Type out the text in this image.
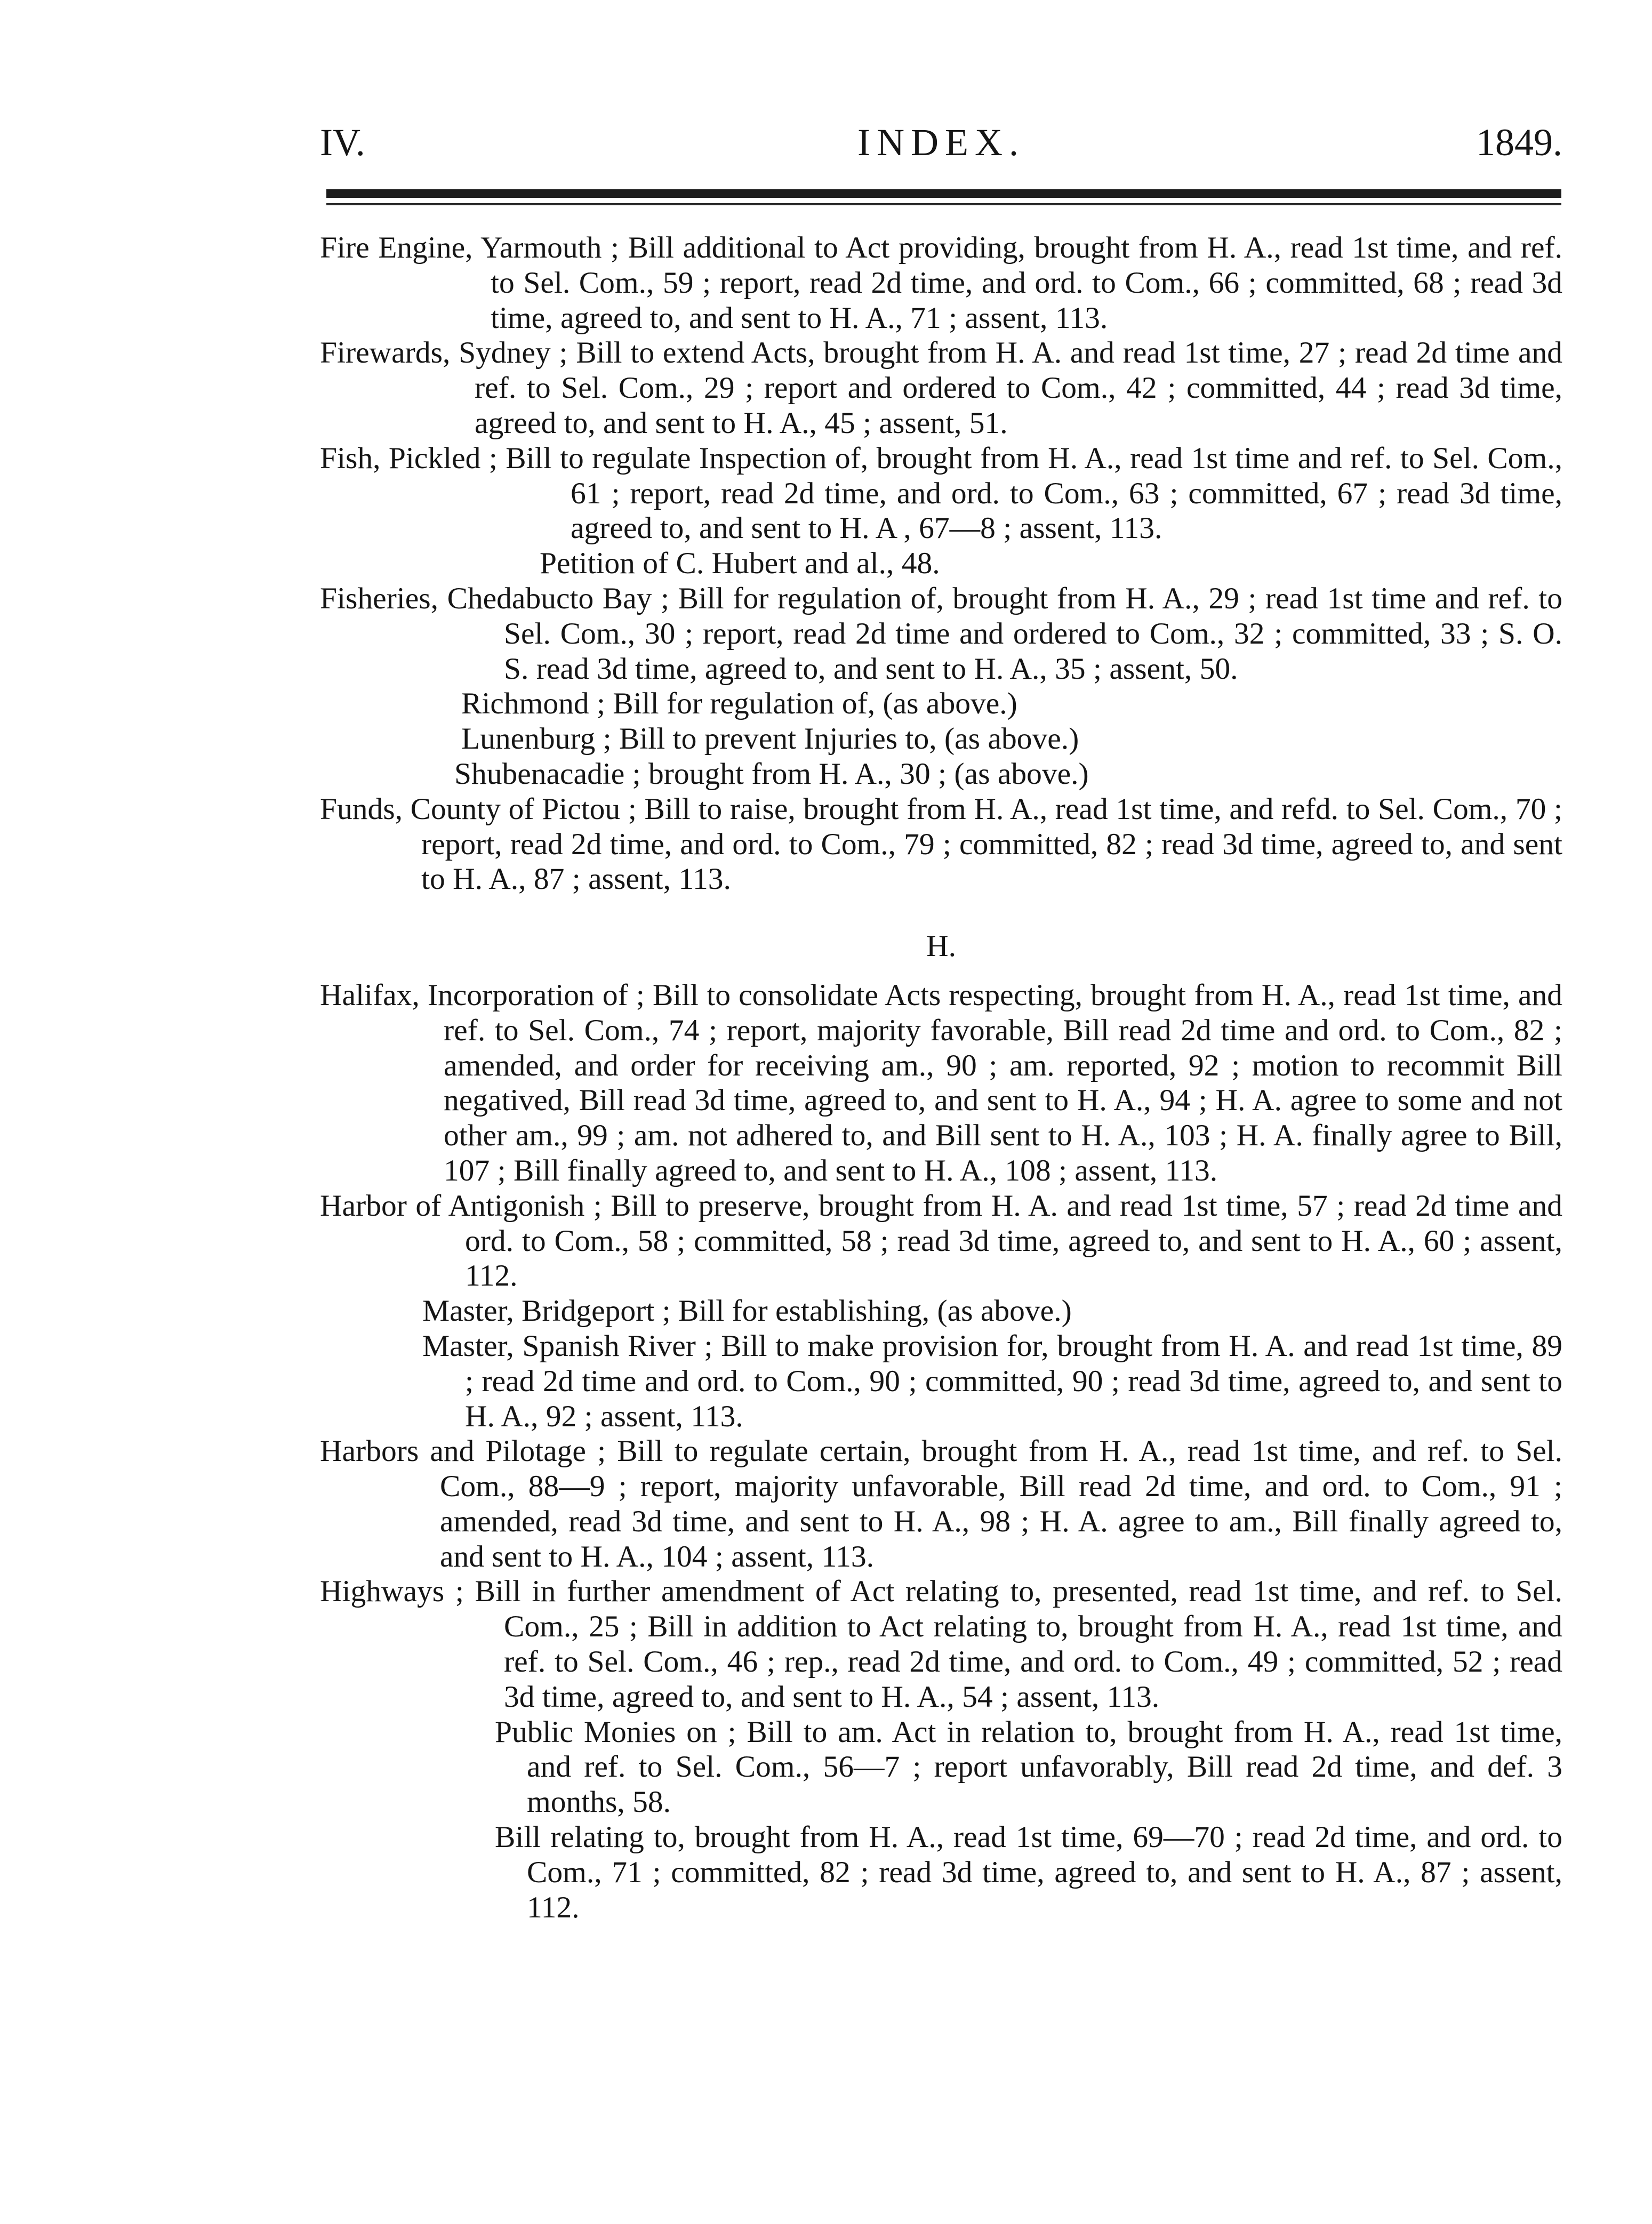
IV.	INDEX.	1849.

Fire Engine, Yarmouth ; Bill additional to Act providing, brought from H. A., read 1st time, and ref. to Sel. Com., 59 ; report, read 2d time, and ord. to Com., 66 ; committed, 68 ; read 3d time, agreed to, and sent to H. A., 71 ; assent, 113.

Firewards, Sydney ; Bill to extend Acts, brought from H. A. and read 1st time, 27 ; read 2d time and ref. to Sel. Com., 29 ; report and ordered to Com., 42 ; committed, 44 ; read 3d time, agreed to, and sent to H. A., 45 ; assent, 51.

Fish, Pickled ; Bill to regulate Inspection of, brought from H. A., read 1st time and ref. to Sel. Com., 61 ; report, read 2d time, and ord. to Com., 63 ; committed, 67 ; read 3d time, agreed to, and sent to H. A , 67—8 ; assent, 113.

Petition of C. Hubert and al., 48.

Fisheries, Chedabucto Bay ; Bill for regulation of, brought from H. A., 29 ; read 1st time and ref. to Sel. Com., 30 ; report, read 2d time and ordered to Com., 32 ; committed, 33 ; S. O. S. read 3d time, agreed to, and sent to H. A., 35 ; assent, 50.

Richmond ; Bill for regulation of, (as above.)

Lunenburg ; Bill to prevent Injuries to, (as above.)

Shubenacadie ; brought from H. A., 30 ; (as above.)

Funds, County of Pictou ; Bill to raise, brought from H. A., read 1st time, and refd. to Sel. Com., 70 ; report, read 2d time, and ord. to Com., 79 ; committed, 82 ; read 3d time, agreed to, and sent to H. A., 87 ; assent, 113.

H.

Halifax, Incorporation of ; Bill to consolidate Acts respecting, brought from H. A., read 1st time, and ref. to Sel. Com., 74 ; report, majority favorable, Bill read 2d time and ord. to Com., 82 ; amended, and order for receiving am., 90 ; am. reported, 92 ; motion to recommit Bill negatived, Bill read 3d time, agreed to, and sent to H. A., 94 ; H. A. agree to some and not other am., 99 ; am. not adhered to, and Bill sent to H. A., 103 ; H. A. finally agree to Bill, 107 ; Bill finally agreed to, and sent to H. A., 108 ; assent, 113.

Harbor of Antigonish ; Bill to preserve, brought from H. A. and read 1st time, 57 ; read 2d time and ord. to Com., 58 ; committed, 58 ; read 3d time, agreed to, and sent to H. A., 60 ; assent, 112.

Master, Bridgeport ; Bill for establishing, (as above.)

Master, Spanish River ; Bill to make provision for, brought from H. A. and read 1st time, 89 ; read 2d time and ord. to Com., 90 ; committed, 90 ; read 3d time, agreed to, and sent to H. A., 92 ; assent, 113.

Harbors and Pilotage ; Bill to regulate certain, brought from H. A., read 1st time, and ref. to Sel. Com., 88—9 ; report, majority unfavorable, Bill read 2d time, and ord. to Com., 91 ; amended, read 3d time, and sent to H. A., 98 ; H. A. agree to am., Bill finally agreed to, and sent to H. A., 104 ; assent, 113.

Highways ; Bill in further amendment of Act relating to, presented, read 1st time, and ref. to Sel. Com., 25 ; Bill in addition to Act relating to, brought from H. A., read 1st time, and ref. to Sel. Com., 46 ; rep., read 2d time, and ord. to Com., 49 ; committed, 52 ; read 3d time, agreed to, and sent to H. A., 54 ; assent, 113.

Public Monies on ; Bill to am. Act in relation to, brought from H. A., read 1st time, and ref. to Sel. Com., 56—7 ; report unfavorably, Bill read 2d time, and def. 3 months, 58.

Bill relating to, brought from H. A., read 1st time, 69—70 ; read 2d time, and ord. to Com., 71 ; committed, 82 ; read 3d time, agreed to, and sent to H. A., 87 ; assent, 112.
